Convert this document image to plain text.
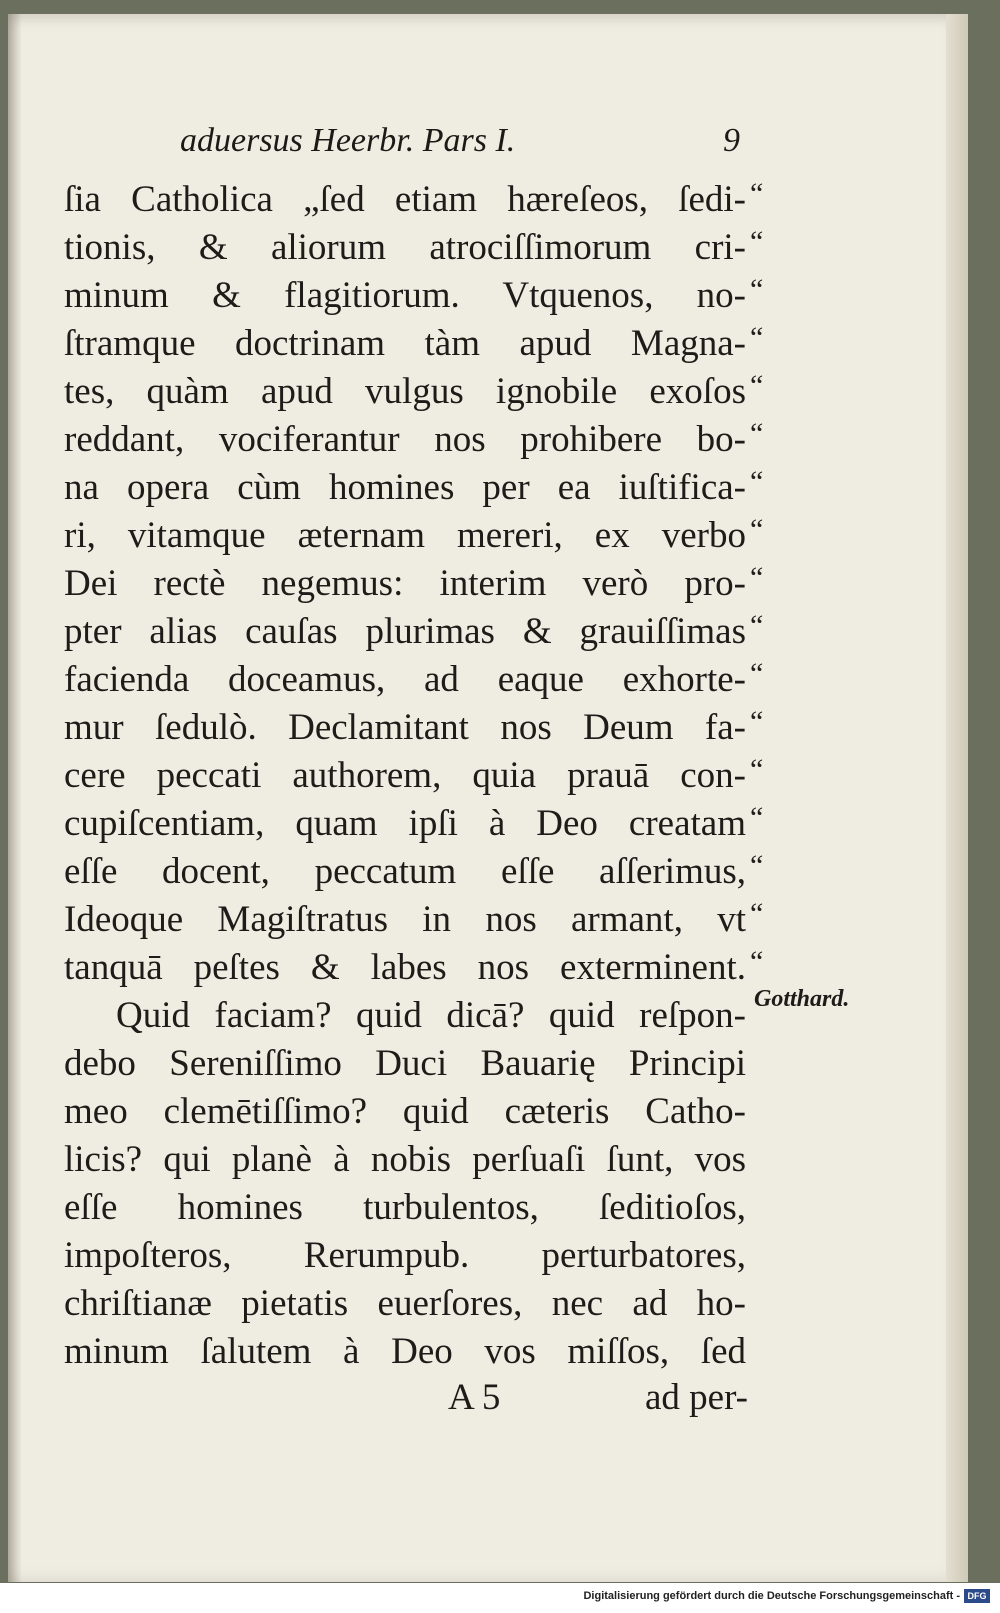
aduersus Heerbr. Pars I.	9
ſia Catholica „ſed etiam hæreſeos, ſedi-
tionis, & aliorum atrociſſimorum cri-
minum & flagitiorum. Vtquenos, no-
ſtramque doctrinam tàm apud Magna-
tes, quàm apud vulgus ignobile exoſos
reddant, vociferantur nos prohibere bo-
na opera cùm homines per ea iuſtifica-
ri, vitamque æternam mereri, ex verbo
Dei rectè negemus: interim verò pro-
pter alias cauſas plurimas & grauiſſimas
facienda doceamus, ad eaque exhorte-
mur ſedulò. Declamitant nos Deum fa-
cere peccati authorem, quia prauā con-
cupiſcentiam, quam ipſi à Deo creatam
eſſe docent, peccatum eſſe aſſerimus,
Ideoque Magiſtratus in nos armant, vt
tanquā peſtes & labes nos exterminent.
Quid faciam? quid dicā? quid reſpon-
debo Sereniſſimo Duci Bauarię Principi
meo clemētiſſimo? quid cæteris Catho-
licis? qui planè à nobis perſuaſi ſunt, vos
eſſe homines turbulentos, ſeditioſos,
impoſteros, Rerumpub. perturbatores,
chriſtianæ pietatis euerſores, nec ad ho-
minum ſalutem à Deo vos miſſos, ſed
“
“
“
“
“
“
“
“
“
“
“
“
“
“
“
“
“
Gotthard.
A 5	ad per-
Digitalisierung gefördert durch die Deutsche Forschungsgemeinschaft - DFG
